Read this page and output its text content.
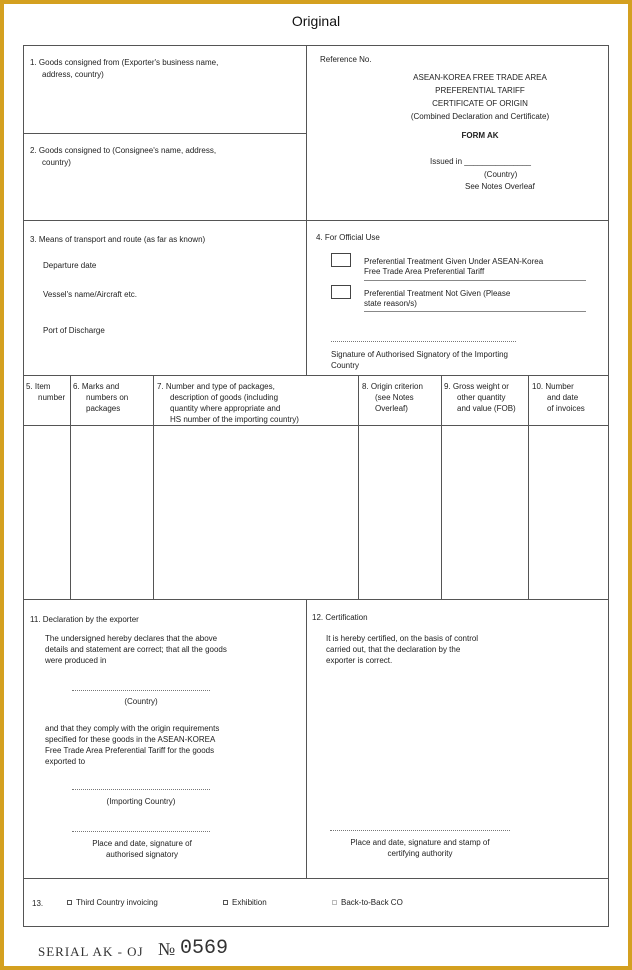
Original
1. Goods consigned from (Exporter's business name,
address, country)
2. Goods consigned to (Consignee's name, address,
country)
Reference No.
ASEAN-KOREA FREE TRADE AREA
PREFERENTIAL TARIFF
CERTIFICATE OF ORIGIN
(Combined Declaration and Certificate)
FORM AK
Issued in _______________
(Country)
See Notes Overleaf
3. Means of transport and route (as far as known)
Departure date
Vessel's name/Aircraft etc.
Port of Discharge
4. For Official Use
Preferential Treatment Given Under ASEAN-Korea
Free Trade Area Preferential Tariff
Preferential Treatment Not Given (Please
state reason/s)
Signature of Authorised Signatory of the Importing
Country
5. Item
number
6. Marks and
numbers on
packages
7. Number and type of packages,
description of goods (including
quantity where appropriate and
HS number of the importing country)
8. Origin criterion
(see Notes
Overleaf)
9. Gross weight or
other quantity
and value (FOB)
10. Number
and date
of invoices
11. Declaration by the exporter
The undersigned hereby declares that the above
details and statement are correct; that all the goods
were produced in
(Country)
and that they comply with the origin requirements
specified for these goods in the ASEAN-KOREA
Free Trade Area Preferential Tariff for the goods
exported to
(Importing Country)
Place and date, signature of
authorised signatory
12. Certification
It is hereby certified, on the basis of control
carried out, that the declaration by the
exporter is correct.
Place and date, signature and stamp of
certifying authority
13.	Third Country invoicing	Exhibition	Back-to-Back CO
SERIAL AK - OJ № 0569
